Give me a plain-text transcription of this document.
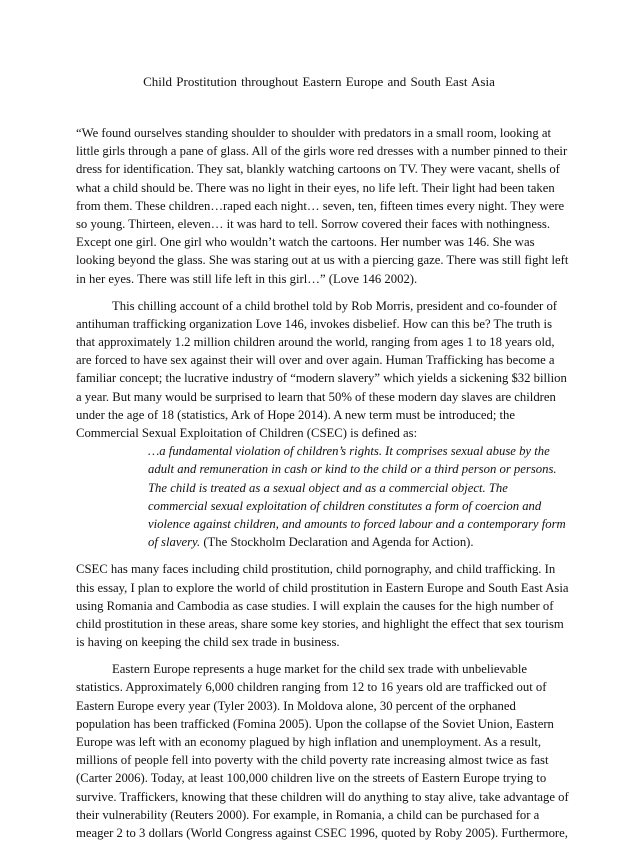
Child Prostitution throughout Eastern Europe and South East Asia
“We found ourselves standing shoulder to shoulder with predators in a small room, looking at
little girls through a pane of glass. All of the girls wore red dresses with a number pinned to their
dress for identification. They sat, blankly watching cartoons on TV. They were vacant, shells of
what a child should be. There was no light in their eyes, no life left. Their light had been taken
from them. These children…raped each night… seven, ten, fifteen times every night. They were
so young. Thirteen, eleven… it was hard to tell. Sorrow covered their faces with nothingness.
Except one girl. One girl who wouldn’t watch the cartoons. Her number was 146. She was
looking beyond the glass. She was staring out at us with a piercing gaze. There was still fight left
in her eyes. There was still life left in this girl…” (Love 146 2002).
This chilling account of a child brothel told by Rob Morris, president and co-founder of
antihuman trafficking organization Love 146, invokes disbelief. How can this be? The truth is
that approximately 1.2 million children around the world, ranging from ages 1 to 18 years old,
are forced to have sex against their will over and over again. Human Trafficking has become a
familiar concept; the lucrative industry of “modern slavery” which yields a sickening $32 billion
a year. But many would be surprised to learn that 50% of these modern day slaves are children
under the age of 18 (statistics, Ark of Hope 2014). A new term must be introduced; the
Commercial Sexual Exploitation of Children (CSEC) is defined as:
…a fundamental violation of children’s rights. It comprises sexual abuse by the
adult and remuneration in cash or kind to the child or a third person or persons.
The child is treated as a sexual object and as a commercial object. The
commercial sexual exploitation of children constitutes a form of coercion and
violence against children, and amounts to forced labour and a contemporary form
of slavery. (The Stockholm Declaration and Agenda for Action).
CSEC has many faces including child prostitution, child pornography, and child trafficking. In
this essay, I plan to explore the world of child prostitution in Eastern Europe and South East Asia
using Romania and Cambodia as case studies. I will explain the causes for the high number of
child prostitution in these areas, share some key stories, and highlight the effect that sex tourism
is having on keeping the child sex trade in business.
Eastern Europe represents a huge market for the child sex trade with unbelievable
statistics. Approximately 6,000 children ranging from 12 to 16 years old are trafficked out of
Eastern Europe every year (Tyler 2003). In Moldova alone, 30 percent of the orphaned
population has been trafficked (Fomina 2005). Upon the collapse of the Soviet Union, Eastern
Europe was left with an economy plagued by high inflation and unemployment. As a result,
millions of people fell into poverty with the child poverty rate increasing almost twice as fast
(Carter 2006). Today, at least 100,000 children live on the streets of Eastern Europe trying to
survive. Traffickers, knowing that these children will do anything to stay alive, take advantage of
their vulnerability (Reuters 2000). For example, in Romania, a child can be purchased for a
meager 2 to 3 dollars (World Congress against CSEC 1996, quoted by Roby 2005). Furthermore,
